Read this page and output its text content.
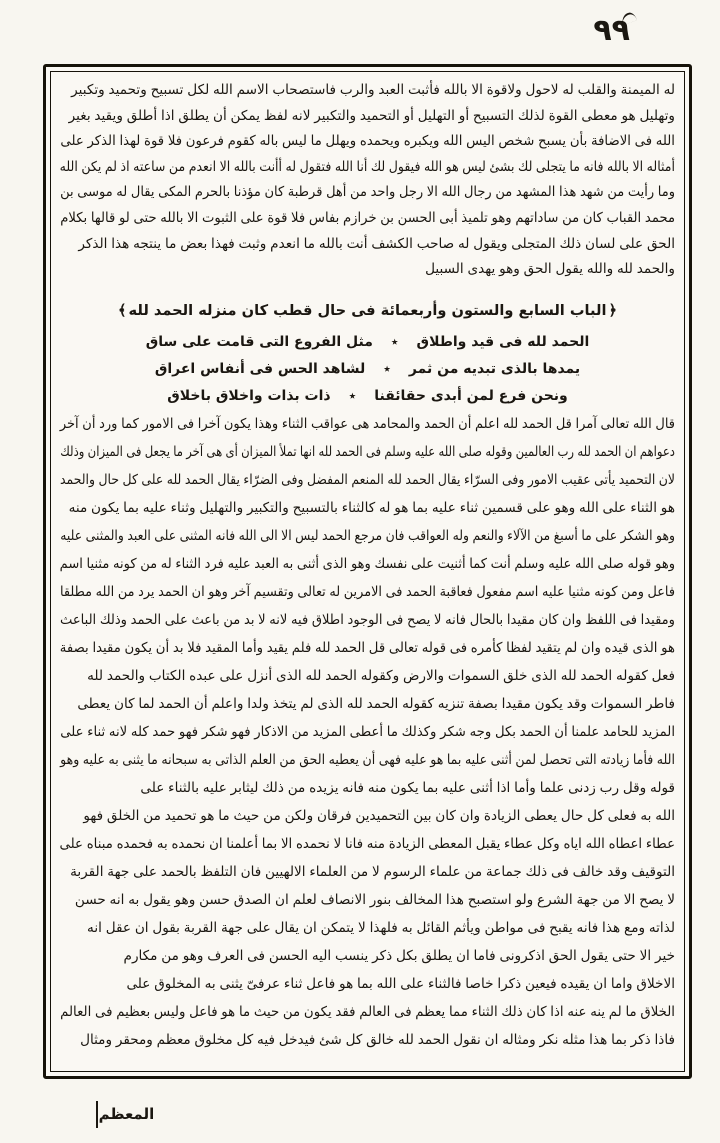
٩٩
له الميمنة والقلب له لاحول ولاقوة الا بالله فأثبت العبد والرب فاستصحاب الاسم الله لكل تسبيح وتحميد وتكبير
وتهليل هو معطى القوة لذلك التسبيح أو التهليل أو التحميد والتكبير لانه لفظ يمكن أن يطلق اذا أطلق ويقيد بغير
الله فى الاضافة بأن يسبح شخص اليس الله ويكبره ويحمده ويهلل ما ليس باله كقوم فرعون فلا قوة لهذا الذكر على
أمثاله الا بالله فانه ما يتجلى لك بشئ ليس هو الله فيقول لك أنا الله فتقول له أأنت بالله الا انعدم من ساعته اذ لم يكن الله
وما رأيت من شهد هذا المشهد من رجال الله الا رجل واحد من أهل قرطبة كان مؤذنا بالحرم المكى يقال له موسى بن
محمد القباب كان من ساداتهم وهو تلميذ أبى الحسن بن خرازم بفاس فلا قوة على الثبوت الا بالله حتى لو قالها بكلام
الحق على لسان ذلك المتجلى ويقول له صاحب الكشف أنت بالله ما انعدم وثبت فهذا بعض ما ينتجه هذا الذكر
والحمد لله والله يقول الحق وهو يهدى السبيل
﴿الباب السابع والستون وأربعمائة فى حال قطب كان منزله الحمد لله﴾
الحمد لله فى قيد واطلاق٭مثل الفروع التى قامت على ساق
يمدها بالذى تبديه من ثمر٭لشاهد الحس فى أنفاس اعراق
ونحن فرع لمن أبدى حقائقنا٭ذات بذات واخلاق باخلاق
قال الله تعالى آمرا قل الحمد لله اعلم أن الحمد والمحامد هى عواقب الثناء وهذا يكون آخرا فى الامور كما ورد أن آخر
دعواهم ان الحمد لله رب العالمين وقوله صلى الله عليه وسلم فى الحمد لله انها تملأ الميزان أى هى آخر ما يجعل فى الميزان وذلك
لان التحميد يأتى عقيب الامور وفى السرّاء يقال الحمد لله المنعم المفضل وفى الضرّاء يقال الحمد لله على كل حال والحمد
هو الثناء على الله وهو على قسمين ثناء عليه بما هو له كالثناء بالتسبيح والتكبير والتهليل وثناء عليه بما يكون منه
وهو الشكر على ما أسبغ من الآلاء والنعم وله العواقب فان مرجع الحمد ليس الا الى الله فانه المثنى على العبد والمثنى عليه
وهو قوله صلى الله عليه وسلم أنت كما أثنيت على نفسك وهو الذى أثنى به العبد عليه فرد الثناء له من كونه مثنيا اسم
فاعل ومن كونه مثنيا عليه اسم مفعول فعاقبة الحمد فى الامرين له تعالى وتقسيم آخر وهو ان الحمد يرد من الله مطلقا
ومقيدا فى اللفظ وان كان مقيدا بالحال فانه لا يصح فى الوجود اطلاق فيه لانه لا بد من باعث على الحمد وذلك الباعث
هو الذى قيده وان لم يتقيد لفظا كأمره فى قوله تعالى قل الحمد لله فلم يقيد وأما المقيد فلا بد أن يكون مقيدا بصفة
فعل كقوله الحمد لله الذى خلق السموات والارض وكقوله الحمد لله الذى أنزل على عبده الكتاب والحمد لله
فاطر السموات وقد يكون مقيدا بصفة تنزيه كقوله الحمد لله الذى لم يتخذ ولدا واعلم أن الحمد لما كان يعطى
المزيد للحامد علمنا أن الحمد بكل وجه شكر وكذلك ما أعطى المزيد من الاذكار فهو شكر فهو حمد كله لانه ثناء على
الله فأما زيادته التى تحصل لمن أثنى عليه بما هو عليه فهى أن يعطيه الحق من العلم الذاتى به سبحانه ما يثنى به عليه وهو
قوله وقل رب زدنى علما وأما اذا أثنى عليه بما يكون منه فانه يزيده من ذلك ليثابر عليه بالثناء على
الله به فعلى كل حال يعطى الزيادة وان كان بين التحميدين فرقان ولكن من حيث ما هو تحميد من الخلق فهو
عطاء اعطاه الله اياه وكل عطاء يقبل المعطى الزيادة منه فانا لا نحمده الا بما أعلمنا ان نحمده به فحمده مبناه على
التوقيف وقد خالف فى ذلك جماعة من علماء الرسوم لا من العلماء الالهيين فان التلفظ بالحمد على جهة القربة
لا يصح الا من جهة الشرع ولو استصبح هذا المخالف بنور الانصاف لعلم ان الصدق حسن وهو يقول به انه حسن
لذاته ومع هذا فانه يقبح فى مواطن ويأثم القائل به فلهذا لا يتمكن ان يقال على جهة القربة بقول ان عقل انه
خير الا حتى يقول الحق اذكرونى فاما ان يطلق بكل ذكر ينسب اليه الحسن فى العرف وهو من مكارم
الاخلاق واما ان يقيده فيعين ذكرا خاصا فالثناء على الله بما هو فاعل ثناء عرفىّ يثنى به المخلوق على
الخلاق ما لم ينه عنه اذا كان ذلك الثناء مما يعظم فى العالم فقد يكون من حيث ما هو فاعل وليس بعظيم فى العالم
فاذا ذكر بما هذا مثله نكر ومثاله ان نقول الحمد لله خالق كل شئ فيدخل فيه كل مخلوق معظم ومحقر ومثال
المعظم
